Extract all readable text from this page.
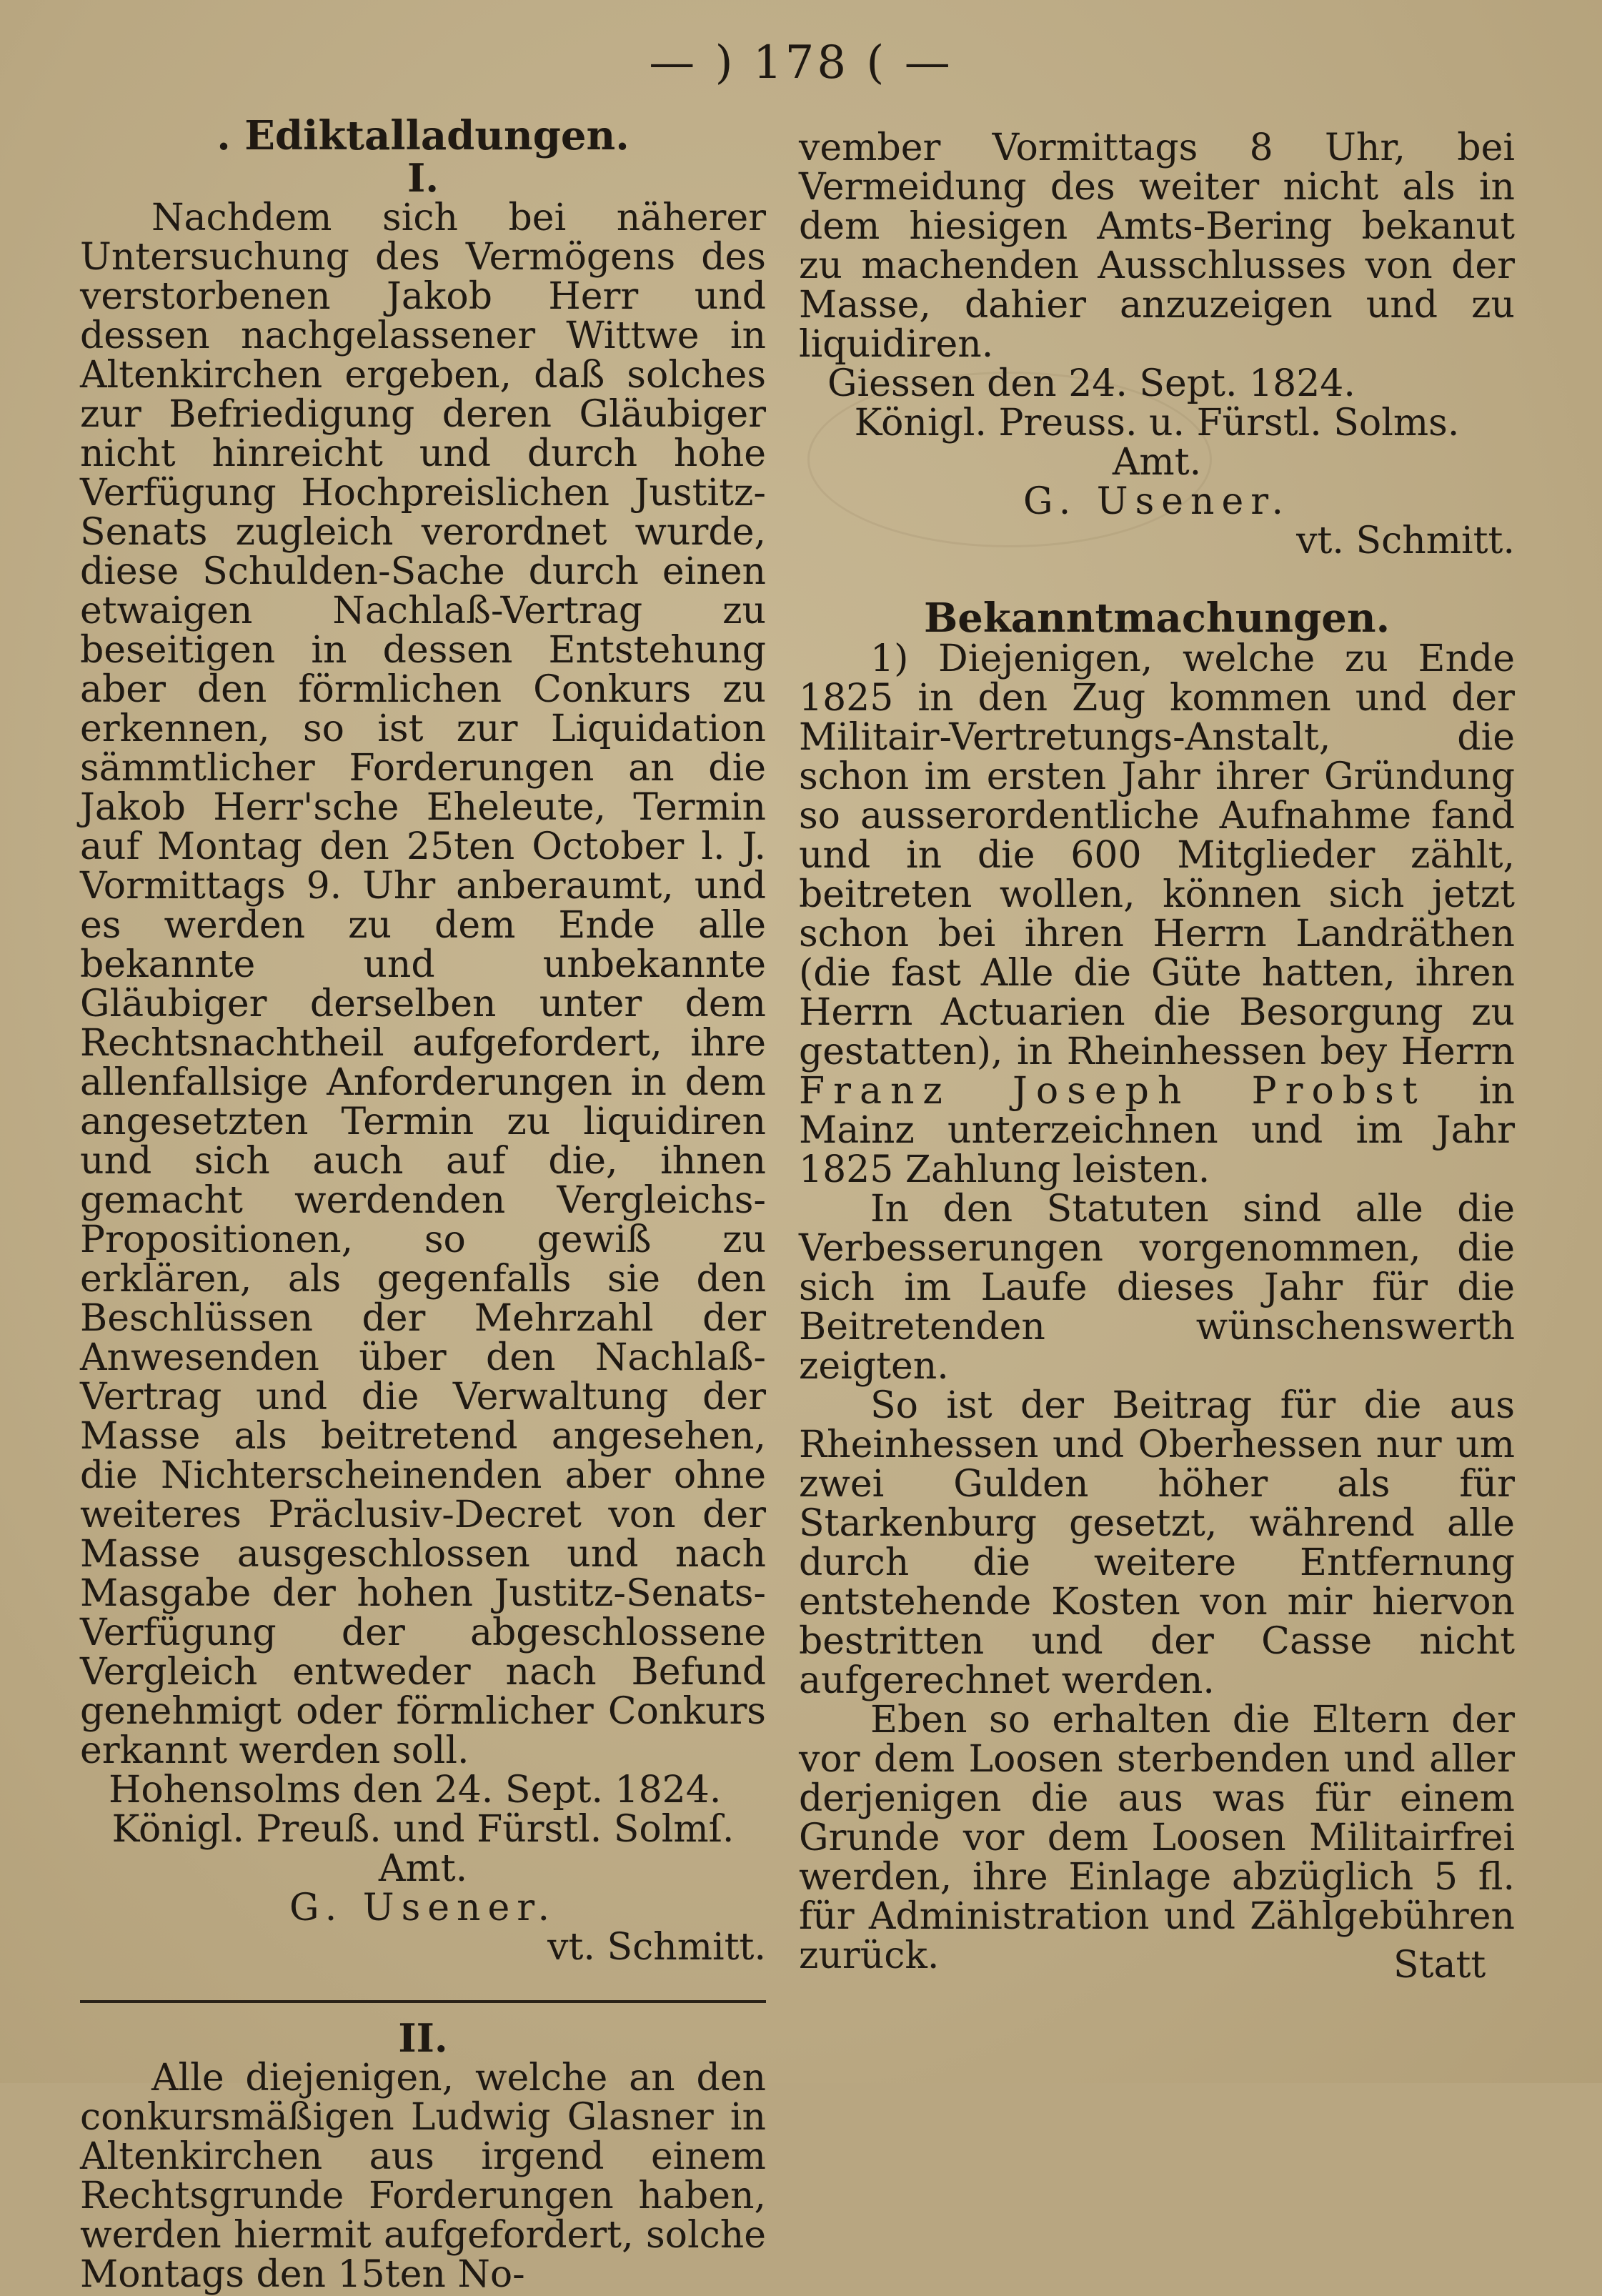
— ) 178 ( —
. Ediktalladungen.
I.

Nachdem sich bei näherer Untersuchung des Vermögens des verstorbenen Jakob Herr und dessen nachgelassener Wittwe in Altenkirchen ergeben, daß solches zur Befriedigung deren Gläubiger nicht hinreicht und durch hohe Verfügung Hochpreislichen Justitz-Senats zugleich verordnet wurde, diese Schulden-Sache durch einen etwaigen Nachlaß-Vertrag zu beseitigen in dessen Entstehung aber den förmlichen Conkurs zu erkennen, so ist zur Liquidation sämmtlicher Forderungen an die Jakob Herr'sche Eheleute, Termin auf Montag den 25ten October l. J. Vormittags 9. Uhr anberaumt, und es werden zu dem Ende alle bekannte und unbekannte Gläubiger derselben unter dem Rechtsnachtheil aufgefordert, ihre allenfallsige Anforderungen in dem angesetzten Termin zu liquidiren und sich auch auf die, ihnen gemacht werdenden Vergleichs-Propositionen, so gewiß zu erklären, als gegenfalls sie den Beschlüssen der Mehrzahl der Anwesenden über den Nachlaß-Vertrag und die Verwaltung der Masse als beitretend angesehen, die Nichterscheinenden aber ohne weiteres Präclusiv-Decret von der Masse ausgeschlossen und nach Masgabe der hohen Justitz-Senats-Verfügung der abgeschlossene Vergleich entweder nach Befund genehmigt oder förmlicher Conkurs erkannt werden soll.

Hohensolms den 24. Sept. 1824.

Königl. Preuß. und Fürstl. Solmſ.

Amt.

G. Usener.

vt. Schmitt.

II.

Alle diejenigen, welche an den conkursmäßigen Ludwig Glasner in Altenkirchen aus irgend einem Rechtsgrunde Forderungen haben, werden hiermit aufgefordert, solche Montags den 15ten No-

vember Vormittags 8 Uhr, bei Vermeidung des weiter nicht als in dem hiesigen Amts-Bering bekanut zu machenden Ausschlusses von der Masse, dahier anzuzeigen und zu liquidiren.

Giessen den 24. Sept. 1824.

Königl. Preuss. u. Fürstl. Solms.

Amt.

G. Usener.

vt. Schmitt.

Bekanntmachungen.

1) Diejenigen, welche zu Ende 1825 in den Zug kommen und der Militair-Vertretungs-Anstalt, die schon im ersten Jahr ihrer Gründung so ausserordentliche Aufnahme fand und in die 600 Mitglieder zählt, beitreten wollen, können sich jetzt schon bei ihren Herrn Landräthen (die fast Alle die Güte hatten, ihren Herrn Actuarien die Besorgung zu gestatten), in Rheinhessen bey Herrn Franz Joseph Probst in Mainz unterzeichnen und im Jahr 1825 Zahlung leisten.

In den Statuten sind alle die Verbesserungen vorgenommen, die sich im Laufe dieses Jahr für die Beitretenden wünschenswerth zeigten.

So ist der Beitrag für die aus Rheinhessen und Oberhessen nur um zwei Gulden höher als für Starkenburg gesetzt, während alle durch die weitere Entfernung entstehende Kosten von mir hiervon bestritten und der Casse nicht aufgerechnet werden.

Eben so erhalten die Eltern der vor dem Loosen sterbenden und aller derjenigen die aus was für einem Grunde vor dem Loosen Militairfrei werden, ihre Einlage abzüglich 5 fl. für Administration und Zählgebühren zurück.	Statt
